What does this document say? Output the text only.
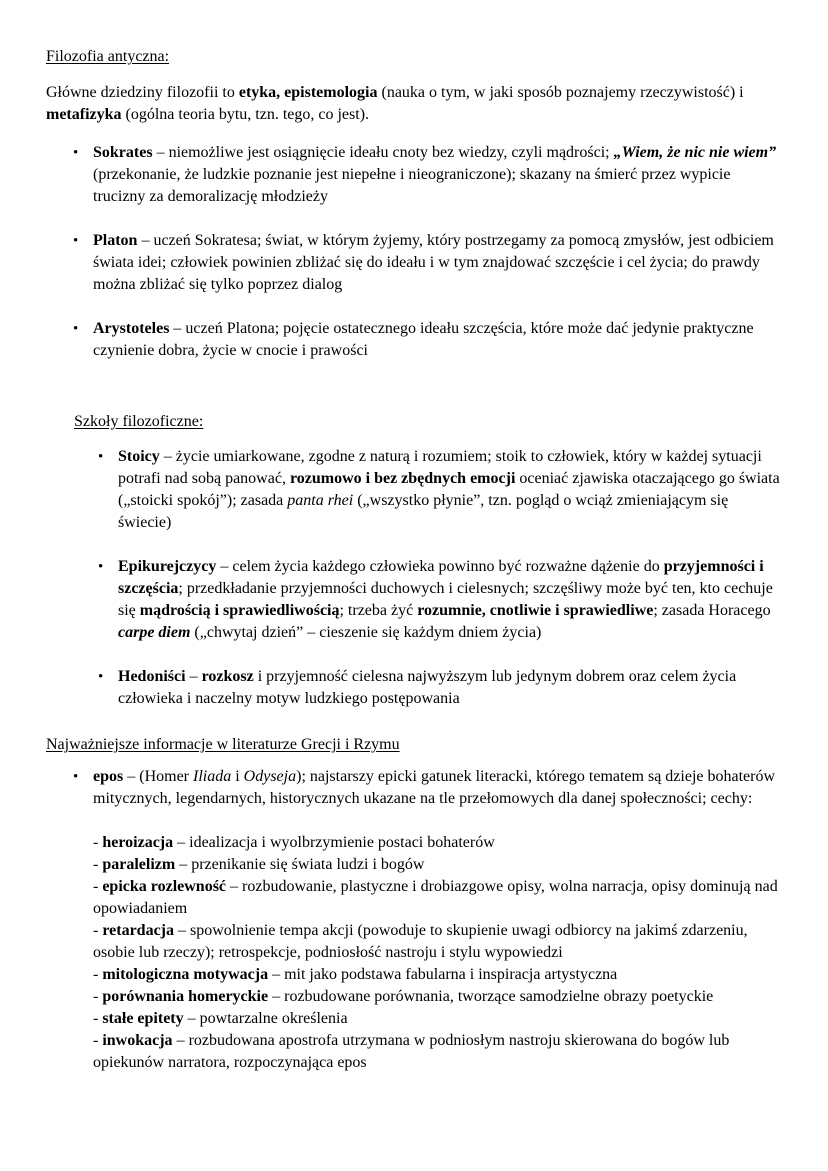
Filozofia antyczna:
Główne dziedziny filozofii to etyka, epistemologia (nauka o tym, w jaki sposób poznajemy rzeczywistość) i metafizyka (ogólna teoria bytu, tzn. tego, co jest).
• Sokrates – niemożliwe jest osiągnięcie ideału cnoty bez wiedzy, czyli mądrości; „Wiem, że nic nie wiem” (przekonanie, że ludzkie poznanie jest niepełne i nieograniczone); skazany na śmierć przez wypicie trucizny za demoralizację młodzieży
• Platon – uczeń Sokratesa; świat, w którym żyjemy, który postrzegamy za pomocą zmysłów, jest odbiciem świata idei; człowiek powinien zbliżać się do ideału i w tym znajdować szczęście i cel życia; do prawdy można zbliżać się tylko poprzez dialog
• Arystoteles – uczeń Platona; pojęcie ostatecznego ideału szczęścia, które może dać jedynie praktyczne czynienie dobra, życie w cnocie i prawości
Szkoły filozoficzne:
• Stoicy – życie umiarkowane, zgodne z naturą i rozumiem; stoik to człowiek, który w każdej sytuacji potrafi nad sobą panować, rozumowo i bez zbędnych emocji oceniać zjawiska otaczającego go świata („stoicki spokój”); zasada panta rhei („wszystko płynie”, tzn. pogląd o wciąż zmieniającym się świecie)
• Epikurejczycy – celem życia każdego człowieka powinno być rozważne dążenie do przyjemności i szczęścia; przedkładanie przyjemności duchowych i cielesnych; szczęśliwy może być ten, kto cechuje się mądrością i sprawiedliwością; trzeba żyć rozumnie, cnotliwie i sprawiedliwe; zasada Horacego carpe diem („chwytaj dzień” – cieszenie się każdym dniem życia)
• Hedoniści – rozkosz i przyjemność cielesna najwyższym lub jedynym dobrem oraz celem życia człowieka i naczelny motyw ludzkiego postępowania
Najważniejsze informacje w literaturze Grecji i Rzymu
• epos – (Homer Iliada i Odyseja); najstarszy epicki gatunek literacki, którego tematem są dzieje bohaterów mitycznych, legendarnych, historycznych ukazane na tle przełomowych dla danej społeczności; cechy:
- heroizacja – idealizacja i wyolbrzymienie postaci bohaterów
- paralelizm – przenikanie się świata ludzi i bogów
- epicka rozlewność – rozbudowanie, plastyczne i drobiazgowe opisy, wolna narracja, opisy dominują nad opowiadaniem
- retardacja – spowolnienie tempa akcji (powoduje to skupienie uwagi odbiorcy na jakimś zdarzeniu, osobie lub rzeczy); retrospekcje, podniosłość nastroju i stylu wypowiedzi
- mitologiczna motywacja – mit jako podstawa fabularna i inspiracja artystyczna
- porównania homeryckie – rozbudowane porównania, tworzące samodzielne obrazy poetyckie
- stałe epitety – powtarzalne określenia
- inwokacja – rozbudowana apostrofa utrzymana w podniosłym nastroju skierowana do bogów lub opiekunów narratora, rozpoczynająca epos
